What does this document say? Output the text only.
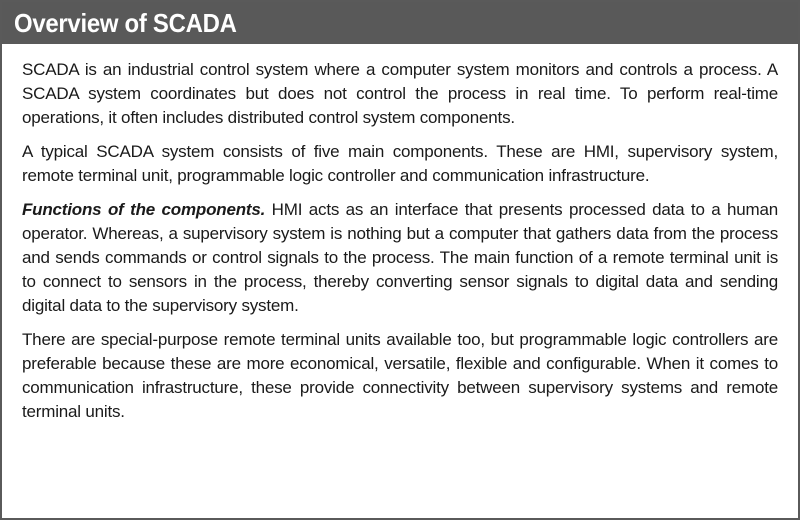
Overview of SCADA

SCADA is an industrial control system where a computer system monitors and controls a process. A SCADA system coordinates but does not control the process in real time. To perform real-time operations, it often includes distributed control system components.

A typical SCADA system consists of five main components. These are HMI, supervisory system, remote terminal unit, programmable logic controller and communication infrastructure.

Functions of the components. HMI acts as an interface that presents processed data to a human operator. Whereas, a supervisory system is nothing but a computer that gathers data from the process and sends commands or control signals to the process. The main function of a remote terminal unit is to connect to sensors in the process, thereby converting sensor signals to digital data and sending digital data to the supervisory system.

There are special-purpose remote terminal units available too, but programmable logic controllers are preferable because these are more economical, versatile, flexible and configurable. When it comes to communication infrastructure, these provide connectivity between supervisory systems and remote terminal units.
